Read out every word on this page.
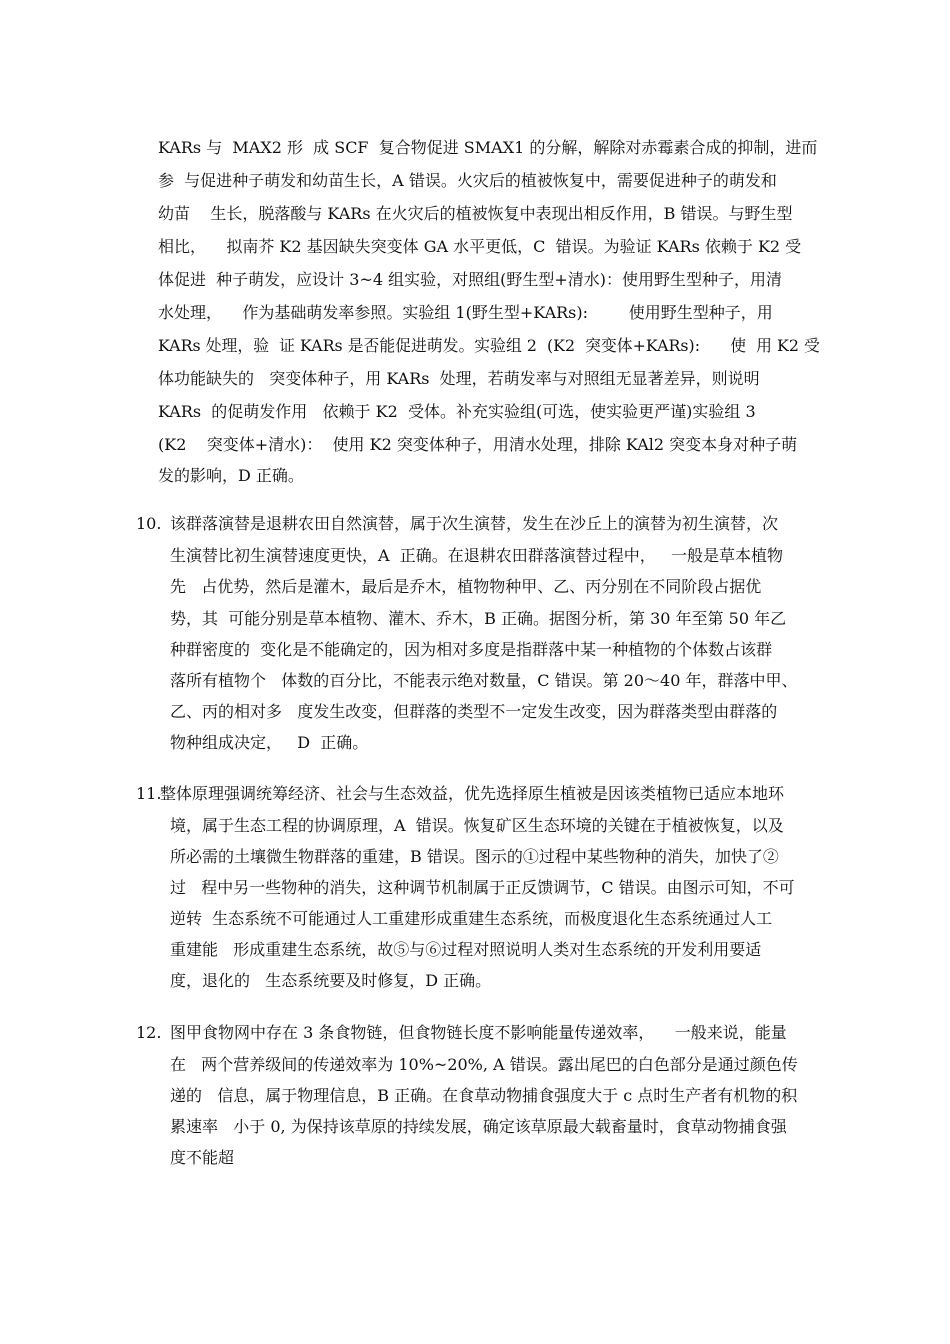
KARs 与  MAX2 形  成 SCF  复合物促进 SMAX1 的分解，解除对赤霉素合成的抑制，进而
参  与促进种子萌发和幼苗生长，A 错误。火灾后的植被恢复中，需要促进种子的萌发和
幼苗    生长，脱落酸与 KARs 在火灾后的植被恢复中表现出相反作用，B 错误。与野生型
相比，    拟南芥 K2 基因缺失突变体 GA 水平更低，C  错误。为验证 KARs 依赖于 K2 受
体促进  种子萌发，应设计 3~4 组实验，对照组(野生型+清水)：使用野生型种子，用清
水处理，    作为基础萌发率参照。实验组 1(野生型+KARs):        使用野生型种子，用
KARs 处理，验  证 KARs 是否能促进萌发。实验组 2  (K2  突变体+KARs):      使  用 K2 受
体功能缺失的   突变体种子，用 KARs  处理，若萌发率与对照组无显著差异，则说明
KARs  的促萌发作用   依赖于 K2  受体。补充实验组(可选，使实验更严谨)实验组 3
(K2    突变体+清水)：  使用 K2 突变体种子，用清水处理，排除 KAl2 突变本身对种子萌
发的影响，D 正确。
10. 该群落演替是退耕农田自然演替，属于次生演替，发生在沙丘上的演替为初生演替，次
生演替比初生演替速度更快，A  正确。在退耕农田群落演替过程中，   一般是草本植物
先   占优势，然后是灌木，最后是乔木，植物物种甲、乙、丙分别在不同阶段占据优
势，其  可能分别是草本植物、灌木、乔木，B 正确。据图分析，第 30 年至第 50 年乙
种群密度的  变化是不能确定的，因为相对多度是指群落中某一种植物的个体数占该群
落所有植物个   体数的百分比，不能表示绝对数量，C 错误。第 20～40 年，群落中甲、
乙、丙的相对多   度发生改变，但群落的类型不一定发生改变，因为群落类型由群落的
物种组成决定，   D  正确。
11.
整体原理强调统筹经济、社会与生态效益，优先选择原生植被是因该类植物已适应本地环
境，属于生态工程的协调原理，A  错误。恢复矿区生态环境的关键在于植被恢复，以及
所必需的土壤微生物群落的重建，B 错误。图示的①过程中某些物种的消失，加快了②
过   程中另一些物种的消失，这种调节机制属于正反馈调节，C 错误。由图示可知，不可
逆转  生态系统不可能通过人工重建形成重建生态系统，而极度退化生态系统通过人工
重建能   形成重建生态系统，故⑤与⑥过程对照说明人类对生态系统的开发利用要适
度，退化的   生态系统要及时修复，D 正确。
12. 图甲食物网中存在 3 条食物链，但食物链长度不影响能量传递效率，    一般来说，能量
在   两个营养级间的传递效率为 10%~20%, A 错误。露出尾巴的白色部分是通过颜色传
递的   信息，属于物理信息，B 正确。在食草动物捕食强度大于 c 点时生产者有机物的积
累速率   小于 0, 为保持该草原的持续发展，确定该草原最大载畜量时，食草动物捕食强
度不能超
